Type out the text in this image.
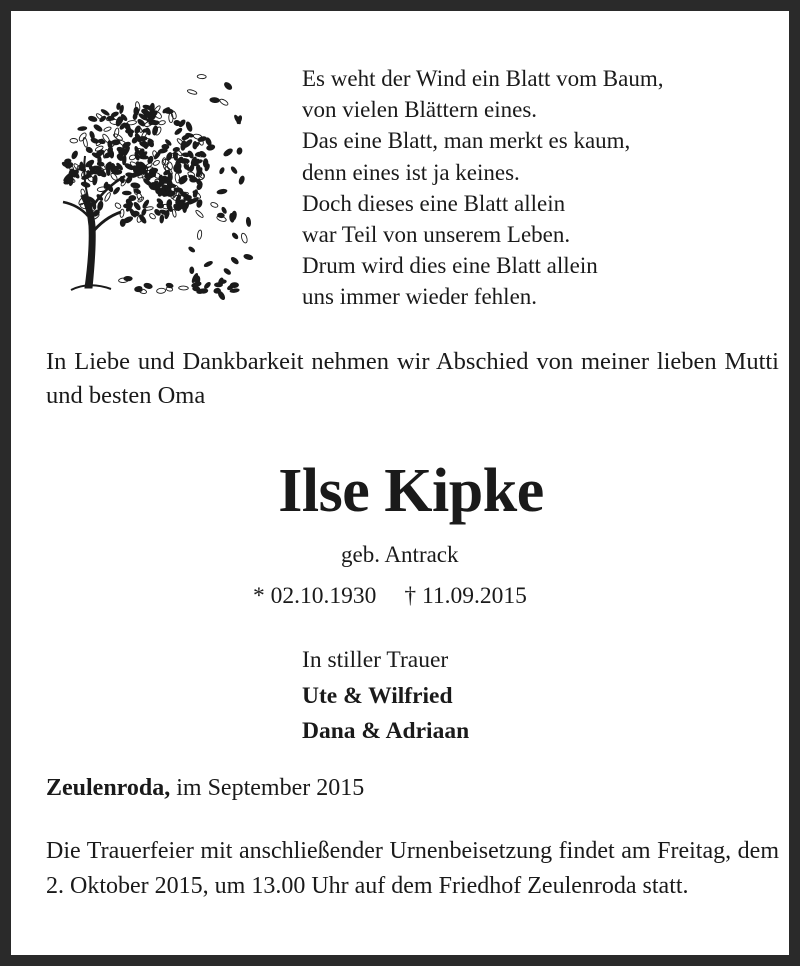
Es weht der Wind ein Blatt vom Baum,
von vielen Blättern eines.
Das eine Blatt, man merkt es kaum,
denn eines ist ja keines.
Doch dieses eine Blatt allein
war Teil von unserem Leben.
Drum wird dies eine Blatt allein
uns immer wieder fehlen.
In Liebe und Dankbarkeit nehmen wir Abschied von meiner lieben Mutti und besten Oma
Ilse Kipke
geb. Antrack
* 02.10.1930 † 11.09.2015
In stiller Trauer
Ute & Wilfried
Dana & Adriaan
Zeulenroda, im September 2015
Die Trauerfeier mit anschließender Urnenbeisetzung findet am Freitag, dem 2. Oktober 2015, um 13.00 Uhr auf dem Friedhof Zeulenroda statt.
